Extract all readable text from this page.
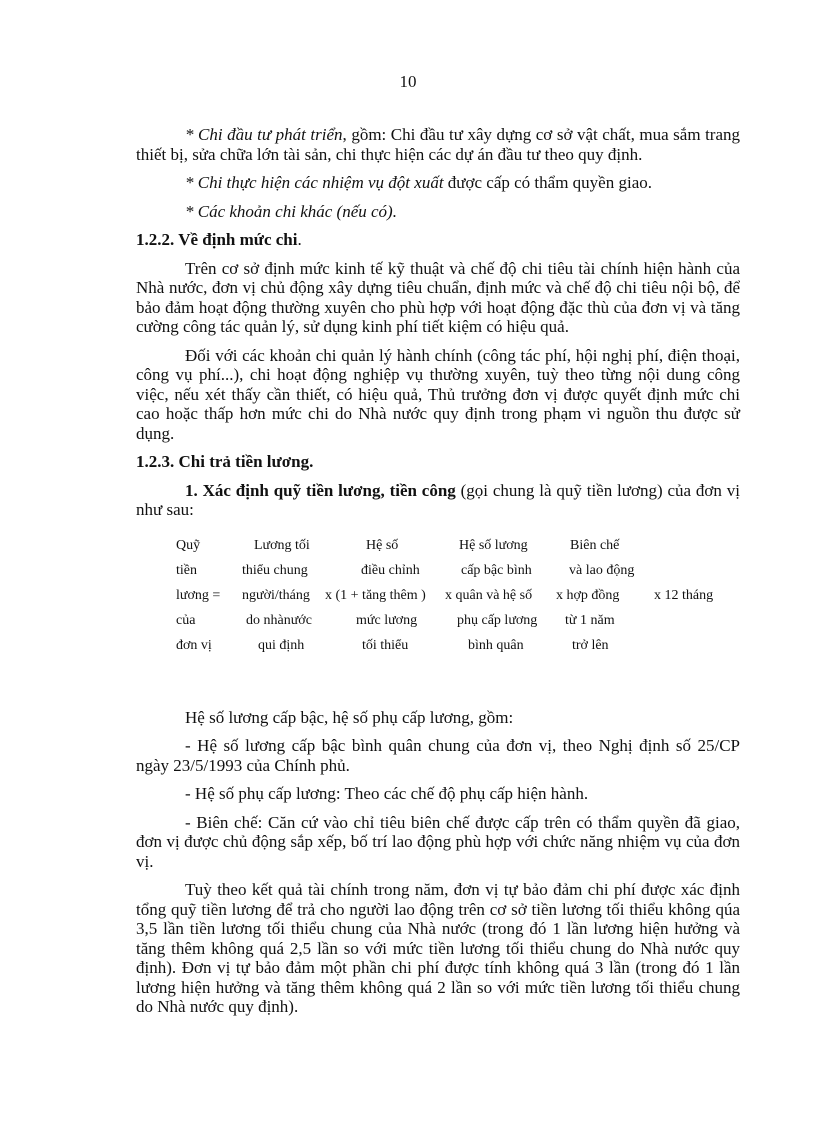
10

* Chi đầu tư phát triển, gồm: Chi đầu tư xây dựng cơ sở vật chất, mua sắm trang thiết bị, sửa chữa lớn tài sản, chi thực hiện các dự án đầu tư theo quy định.

* Chi thực hiện các nhiệm vụ đột xuất được cấp có thẩm quyền giao.

* Các khoản chi khác (nếu có).

1.2.2. Về định mức chi.

Trên cơ sở định mức kinh tế kỹ thuật và chế độ chi tiêu tài chính hiện hành của Nhà nước, đơn vị chủ động xây dựng tiêu chuẩn, định mức và chế độ chi tiêu nội bộ, để bảo đảm hoạt động thường xuyên cho phù hợp với hoạt động đặc thù của đơn vị và tăng cường công tác quản lý, sử dụng kinh phí tiết kiệm có hiệu quả.

Đối với các khoản chi quản lý hành chính (công tác phí, hội nghị phí, điện thoại, công vụ phí...), chi hoạt động nghiệp vụ thường xuyên, tuỳ theo từng nội dung công việc, nếu xét thấy cần thiết, có hiệu quả, Thủ trưởng đơn vị được quyết định mức chi cao hoặc thấp hơn mức chi do Nhà nước quy định trong phạm vi nguồn thu được sử dụng.

1.2.3. Chi trả tiền lương.

1. Xác định quỹ tiền lương, tiền công (gọi chung là quỹ tiền lương) của đơn vị như sau:

Quỹ
tiền
lương =
của
đơn vị
Lương tối
thiểu chung
người/tháng
do nhànước
qui định
Hệ số
điều chỉnh
x (1 + tăng thêm )
mức lương
tối thiểu
Hệ số lương
cấp bậc bình
x quân và hệ số
phụ cấp lương
bình quân
Biên chế
và lao động
x hợp đồng
từ 1 năm
trở lên
x 12 tháng

Hệ số lương cấp bậc, hệ số phụ cấp lương, gồm:

- Hệ số lương cấp bậc bình quân chung của đơn vị, theo Nghị định số 25/CP ngày 23/5/1993 của Chính phủ.

- Hệ số phụ cấp lương: Theo các chế độ phụ cấp hiện hành.

- Biên chế: Căn cứ vào chỉ tiêu biên chế được cấp trên có thẩm quyền đã giao, đơn vị được chủ động sắp xếp, bố trí lao động phù hợp với chức năng nhiệm vụ của đơn vị.

Tuỳ theo kết quả tài chính trong năm, đơn vị tự bảo đảm chi phí được xác định tổng quỹ tiền lương để trả cho người lao động trên cơ sở tiền lương tối thiểu không qúa 3,5 lần tiền lương tối thiểu chung của Nhà nước (trong đó 1 lần lương hiện hưởng và tăng thêm không quá 2,5 lần so với mức tiền lương tối thiểu chung do Nhà nước quy định). Đơn vị tự bảo đảm một phần chi phí được tính không quá 3 lần (trong đó 1 lần lương hiện hưởng và tăng thêm không quá 2 lần so với mức tiền lương tối thiểu chung do Nhà nước quy định).
